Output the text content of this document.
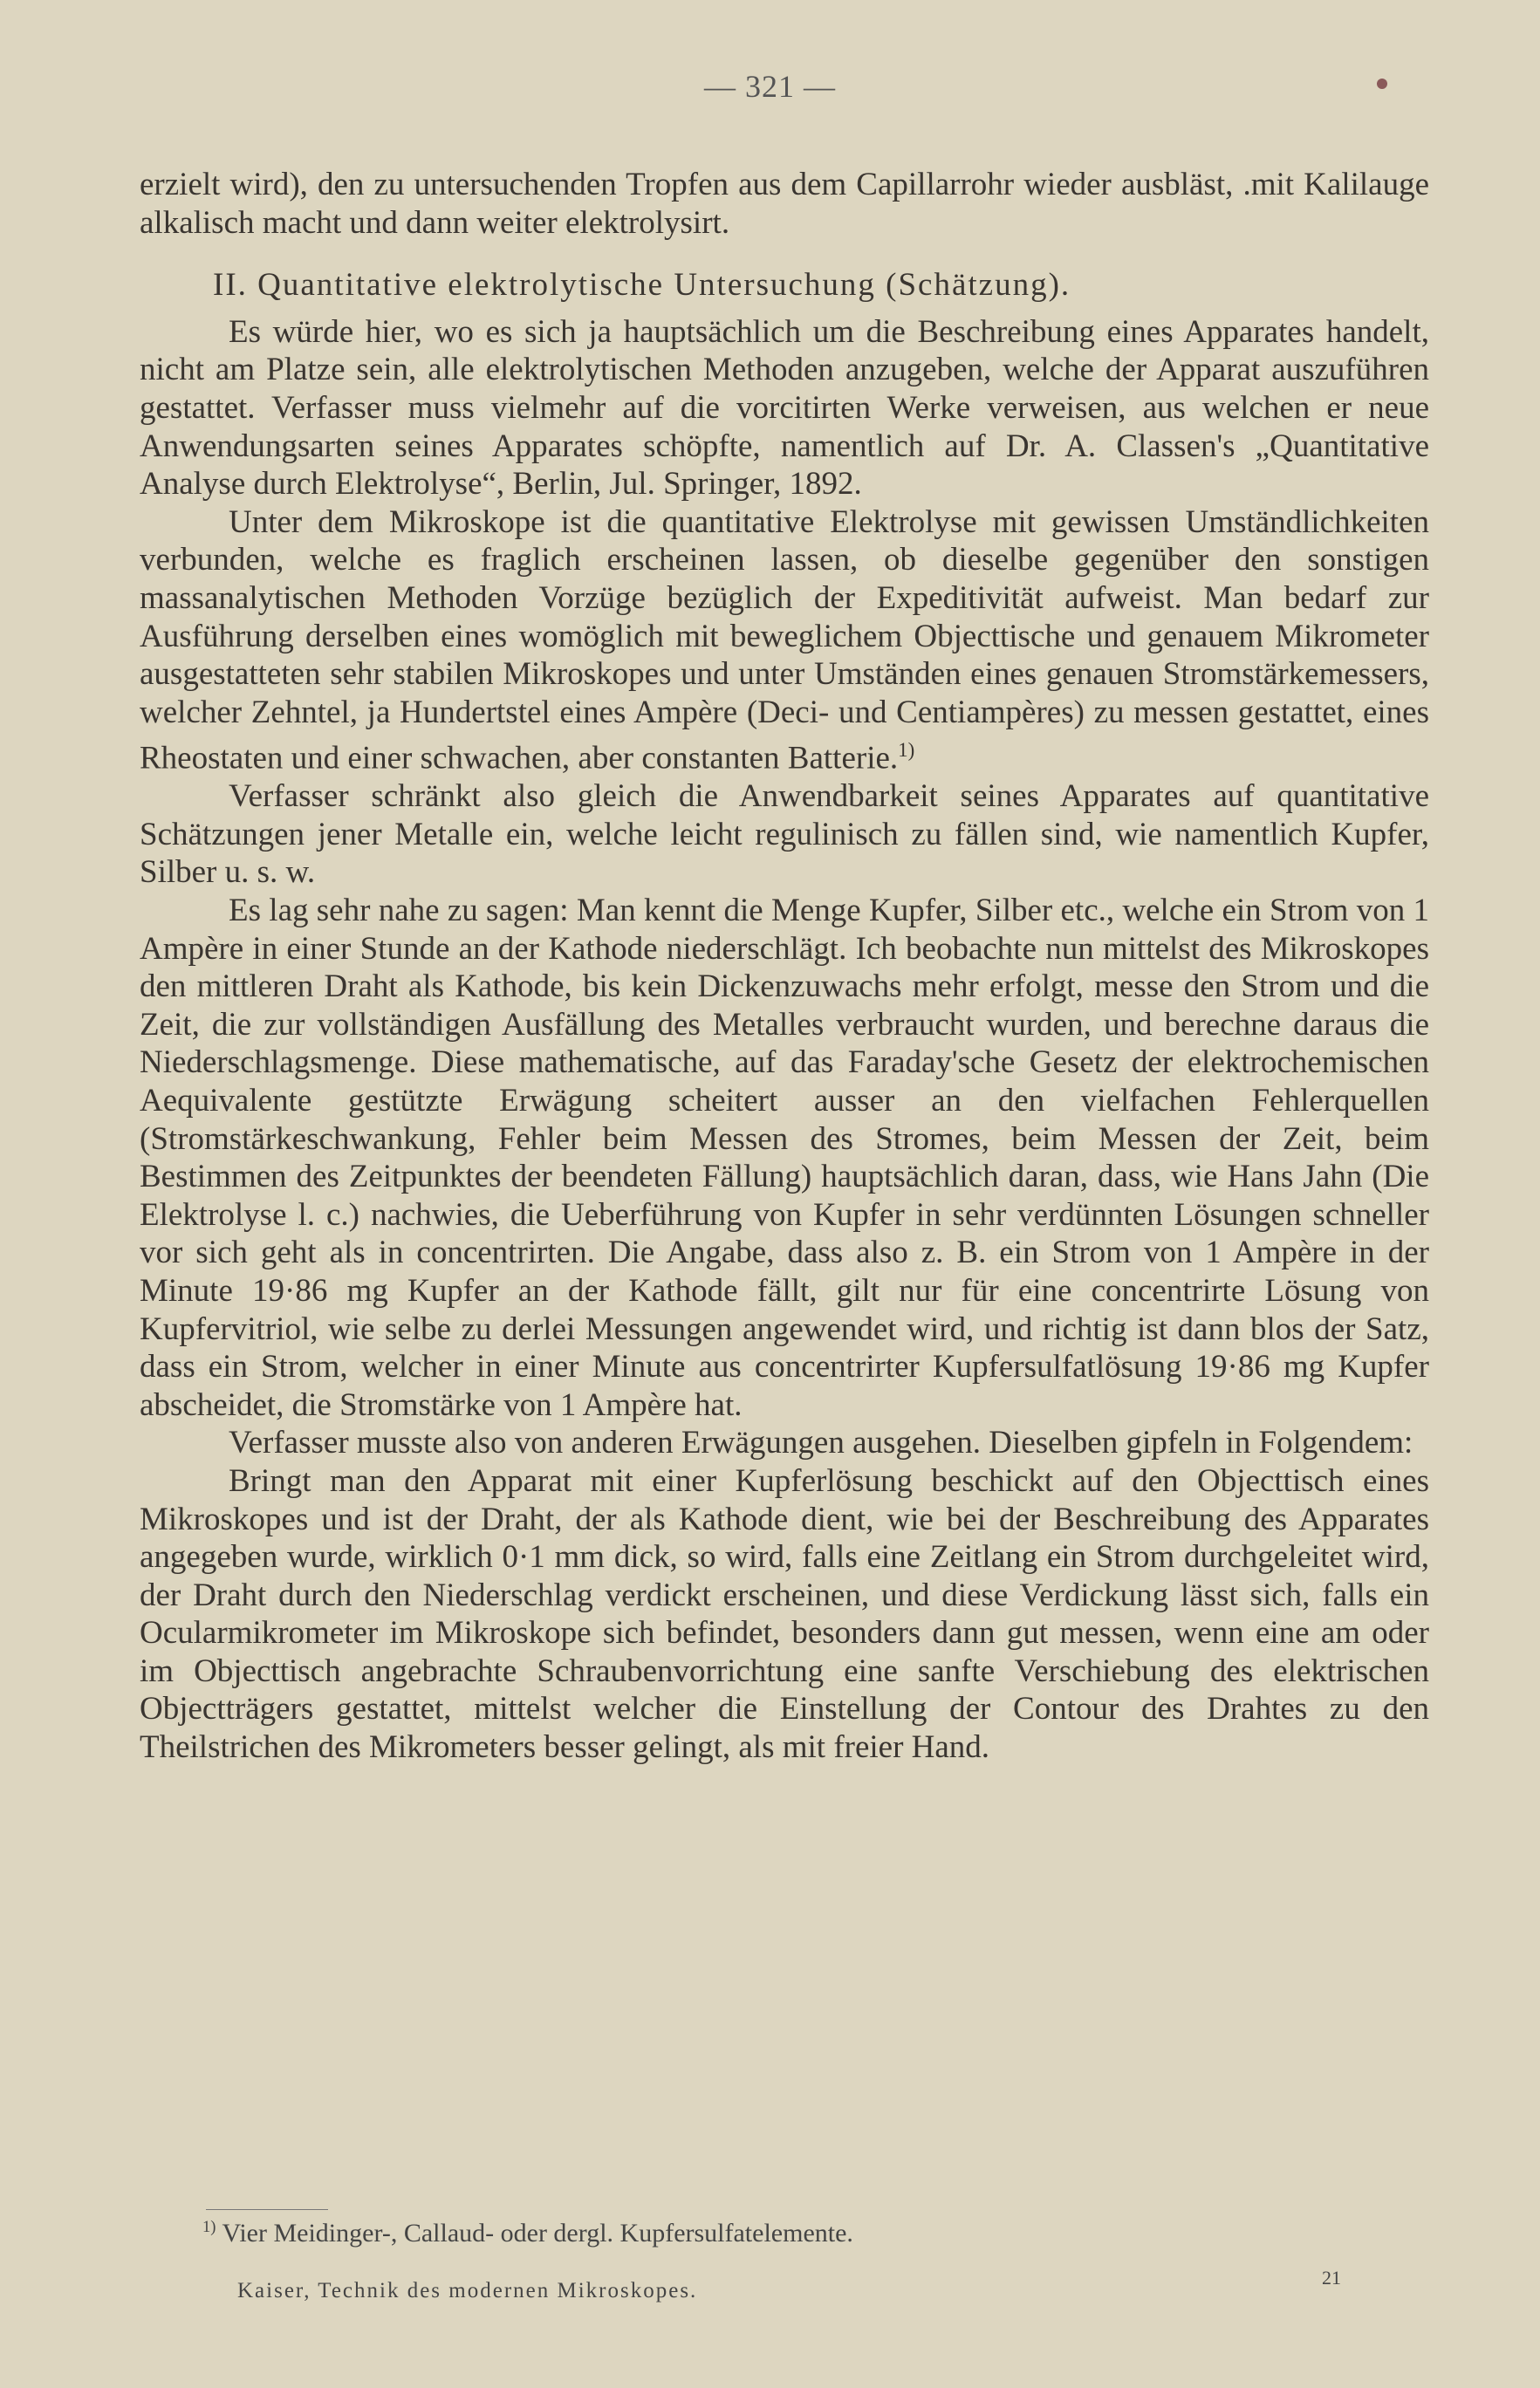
— 321 —

erzielt wird), den zu untersuchenden Tropfen aus dem Capillarrohr wieder ausbläst, .mit Kalilauge alkalisch macht und dann weiter elektrolysirt.

II. Quantitative elektrolytische Untersuchung (Schätzung).

Es würde hier, wo es sich ja hauptsächlich um die Beschreibung eines Apparates handelt, nicht am Platze sein, alle elektrolytischen Methoden anzugeben, welche der Apparat auszuführen gestattet. Verfasser muss vielmehr auf die vorcitirten Werke verweisen, aus welchen er neue Anwendungsarten seines Apparates schöpfte, namentlich auf Dr. A. Classen's „Quantitative Analyse durch Elektrolyse“, Berlin, Jul. Springer, 1892.

Unter dem Mikroskope ist die quantitative Elektrolyse mit gewissen Umständlichkeiten verbunden, welche es fraglich erscheinen lassen, ob dieselbe gegenüber den sonstigen massanalytischen Methoden Vorzüge bezüglich der Expeditivität aufweist. Man bedarf zur Ausführung derselben eines womöglich mit beweglichem Objecttische und genauem Mikrometer ausgestatteten sehr stabilen Mikroskopes und unter Umständen eines genauen Stromstärkemessers, welcher Zehntel, ja Hundertstel eines Ampère (Deci- und Centiampères) zu messen gestattet, eines Rheostaten und einer schwachen, aber constanten Batterie.$^{1)}$

Verfasser schränkt also gleich die Anwendbarkeit seines Apparates auf quantitative Schätzungen jener Metalle ein, welche leicht regulinisch zu fällen sind, wie namentlich Kupfer, Silber u. s. w.

Es lag sehr nahe zu sagen: Man kennt die Menge Kupfer, Silber etc., welche ein Strom von 1 Ampère in einer Stunde an der Kathode niederschlägt. Ich beobachte nun mittelst des Mikroskopes den mittleren Draht als Kathode, bis kein Dickenzuwachs mehr erfolgt, messe den Strom und die Zeit, die zur vollständigen Ausfällung des Metalles verbraucht wurden, und berechne daraus die Niederschlagsmenge. Diese mathematische, auf das Faraday'sche Gesetz der elektrochemischen Aequivalente gestützte Erwägung scheitert ausser an den vielfachen Fehlerquellen (Stromstärkeschwankung, Fehler beim Messen des Stromes, beim Messen der Zeit, beim Bestimmen des Zeitpunktes der beendeten Fällung) hauptsächlich daran, dass, wie Hans Jahn (Die Elektrolyse l. c.) nachwies, die Ueberführung von Kupfer in sehr verdünnten Lösungen schneller vor sich geht als in concentrirten. Die Angabe, dass also z. B. ein Strom von 1 Ampère in der Minute 19·86 mg Kupfer an der Kathode fällt, gilt nur für eine concentrirte Lösung von Kupfervitriol, wie selbe zu derlei Messungen angewendet wird, und richtig ist dann blos der Satz, dass ein Strom, welcher in einer Minute aus concentrirter Kupfersulfatlösung 19·86 mg Kupfer abscheidet, die Stromstärke von 1 Ampère hat.

Verfasser musste also von anderen Erwägungen ausgehen. Dieselben gipfeln in Folgendem:

Bringt man den Apparat mit einer Kupferlösung beschickt auf den Objecttisch eines Mikroskopes und ist der Draht, der als Kathode dient, wie bei der Beschreibung des Apparates angegeben wurde, wirklich 0·1 mm dick, so wird, falls eine Zeitlang ein Strom durchgeleitet wird, der Draht durch den Niederschlag verdickt erscheinen, und diese Verdickung lässt sich, falls ein Ocularmikrometer im Mikroskope sich befindet, besonders dann gut messen, wenn eine am oder im Objecttisch angebrachte Schraubenvorrichtung eine sanfte Verschiebung des elektrischen Objectträgers gestattet, mittelst welcher die Einstellung der Contour des Drahtes zu den Theilstrichen des Mikrometers besser gelingt, als mit freier Hand.

$^{1)}$ Vier Meidinger-, Callaud- oder dergl. Kupfersulfatelemente.
Kaiser, Technik des modernen Mikroskopes.
21
